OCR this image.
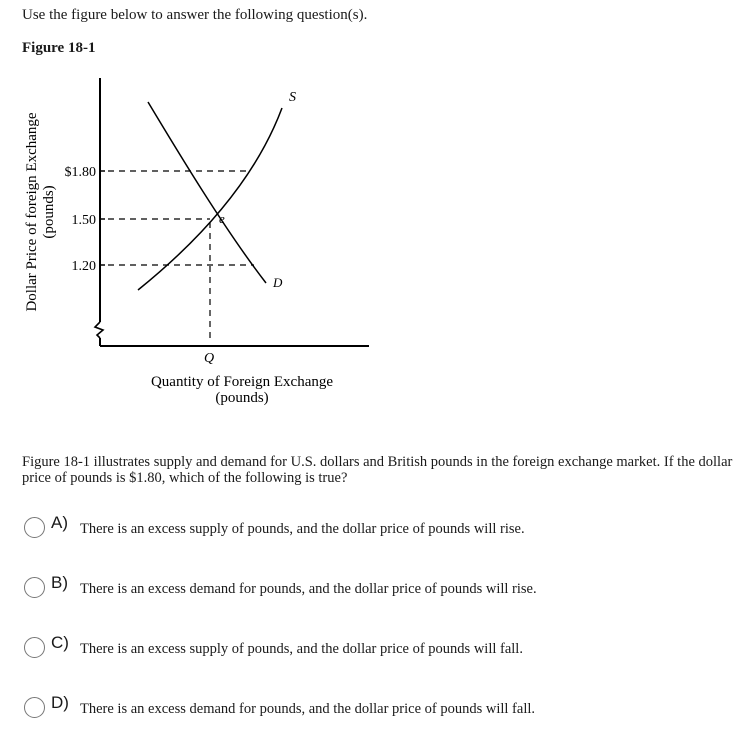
Use the figure below to answer the following question(s).
Figure 18-1
S
D
e
Q
$1.80
1.50
1.20
Quantity of Foreign Exchange
(pounds)
Dollar Price of foreign Exchange (pounds)
Figure 18-1 illustrates supply and demand for U.S. dollars and British pounds in the foreign exchange market. If the dollar price of pounds is $1.80, which of the following is true?
A) There is an excess supply of pounds, and the dollar price of pounds will rise.
B) There is an excess demand for pounds, and the dollar price of pounds will rise.
C) There is an excess supply of pounds, and the dollar price of pounds will fall.
D) There is an excess demand for pounds, and the dollar price of pounds will fall.
